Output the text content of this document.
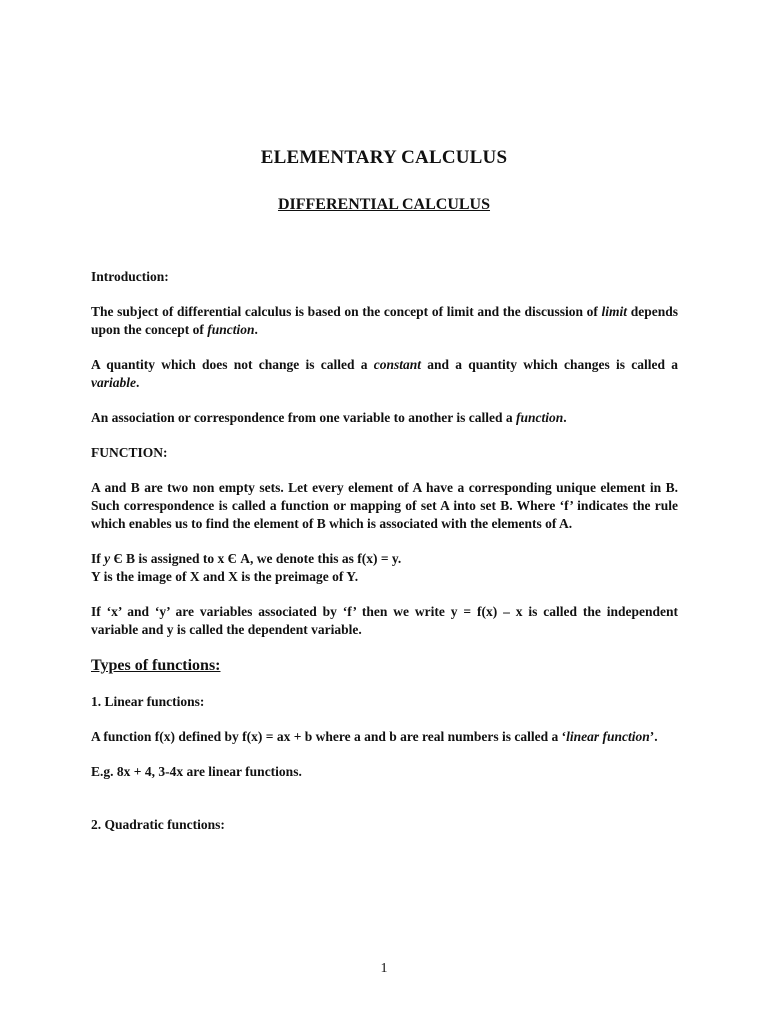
ELEMENTARY CALCULUS
DIFFERENTIAL CALCULUS

Introduction:

The subject of differential calculus is based on the concept of limit and the discussion of limit depends upon the concept of function.

A quantity which does not change is called a constant and a quantity which changes is called a variable.

An association or correspondence from one variable to another is called a function.

FUNCTION:

A and B are two non empty sets. Let every element of A have a corresponding unique element in B. Such correspondence is called a function or mapping of set A into set B. Where ‘f’ indicates the rule which enables us to find the element of B which is associated with the elements of A.

If y Є B is assigned to x Є A, we denote this as f(x) = y.
Y is the image of X and X is the preimage of Y.

If ‘x’ and ‘y’ are variables associated by ‘f’ then we write y = f(x) – x is called the independent variable and y is called the dependent variable.

Types of functions:

1. Linear functions:

A function f(x) defined by f(x) = ax + b where a and b are real numbers is called a ‘linear function’.

E.g. 8x + 4, 3-4x are linear functions.

2. Quadratic functions:

1
